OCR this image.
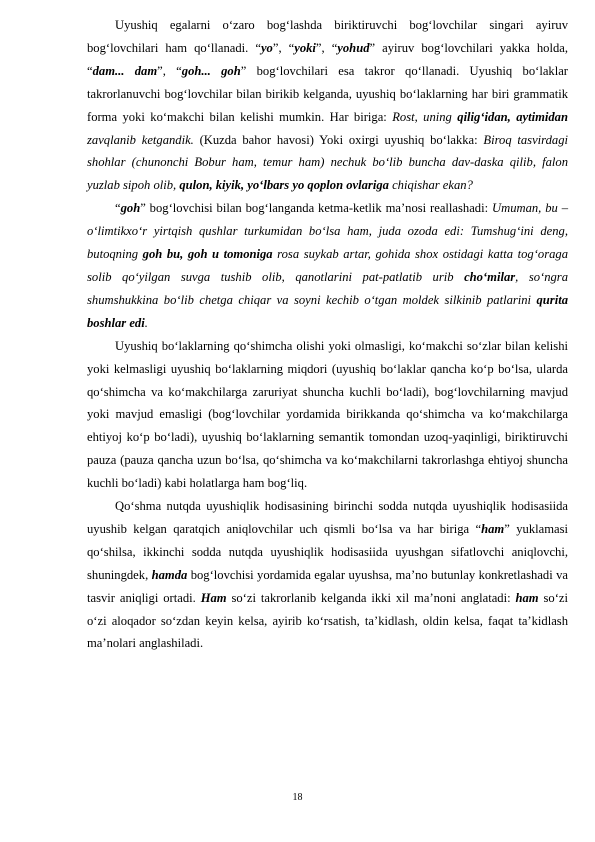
Uyushiq egalarni oʻzaro bogʻlashda biriktiruvchi bogʻlovchilar singari ayiruv bogʻlovchilari ham qoʻllanadi. “yo”, “yoki”, “yohud” ayiruv bogʻlovchilari yakka holda, “dam... dam”, “goh... goh” bogʻlovchilari esa takror qoʻllanadi. Uyushiq boʻlaklar takrorlanuvchi bogʻlovchilar bilan birikib kelganda, uyushiq boʻlaklarning har biri grammatik forma yoki koʻmakchi bilan kelishi mumkin. Har biriga: Rost, uning qilig‘idan, aytimidan zavqlanib ketgandik. (Kuzda bahor havosi) Yoki oxirgi uyushiq boʻlakka: Biroq tasvirdagi shohlar (chunonchi Bobur ham, temur ham) nechuk bo‘lib buncha dav-daska qilib, falon yuzlab sipoh olib, qulon, kiyik, yo‘lbars yo qoplon ovlariga chiqishar ekan?

“goh” bogʻlovchisi bilan bogʻlanganda ketma-ketlik ma’nosi reallashadi: Umuman, bu – o‘limtikxo‘r yirtqish qushlar turkumidan bo‘lsa ham, juda ozoda edi: Tumshug‘ini deng, butoqning goh bu, goh u tomoniga rosa suykab artar, gohida shox ostidagi katta tog‘oraga solib qo‘yilgan suvga tushib olib, qanotlarini pat-patlatib urib cho‘milar, so‘ngra shumshukkina bo‘lib chetga chiqar va soyni kechib o‘tgan moldek silkinib patlarini qurita boshlar edi.

Uyushiq boʻlaklarning qoʻshimcha olishi yoki olmasligi, koʻmakchi soʻzlar bilan kelishi yoki kelmasligi uyushiq boʻlaklarning miqdori (uyushiq boʻlaklar qancha koʻp boʻlsa, ularda qoʻshimcha va koʻmakchilarga zaruriyat shuncha kuchli boʻladi), bogʻlovchilarning mavjud yoki mavjud emasligi (bogʻlovchilar yordamida birikkanda qoʻshimcha va koʻmakchilarga ehtiyoj koʻp boʻladi), uyushiq boʻlaklarning semantik tomondan uzoq-yaqinligi, biriktiruvchi pauza (pauza qancha uzun boʻlsa, qoʻshimcha va koʻmakchilarni takrorlashga ehtiyoj shuncha kuchli boʻladi) kabi holatlarga ham bogʻliq.

Qoʻshma nutqda uyushiqlik hodisasining birinchi sodda nutqda uyushiqlik hodisasiida uyushib kelgan qaratqich aniqlovchilar uch qismli boʻlsa va har biriga “ham” yuklamasi qoʻshilsa, ikkinchi sodda nutqda uyushiqlik hodisasiida uyushgan sifatlovchi aniqlovchi, shuningdek, hamda bogʻlovchisi yordamida egalar uyushsa, ma’no butunlay konkretlashadi va tasvir aniqligi ortadi. Ham soʻzi takrorlanib kelganda ikki xil ma’noni anglatadi: ham soʻzi oʻzi aloqador soʻzdan keyin kelsa, ayirib koʻrsatish, ta’kidlash, oldin kelsa, faqat ta’kidlash ma’nolari anglashiladi.

18
